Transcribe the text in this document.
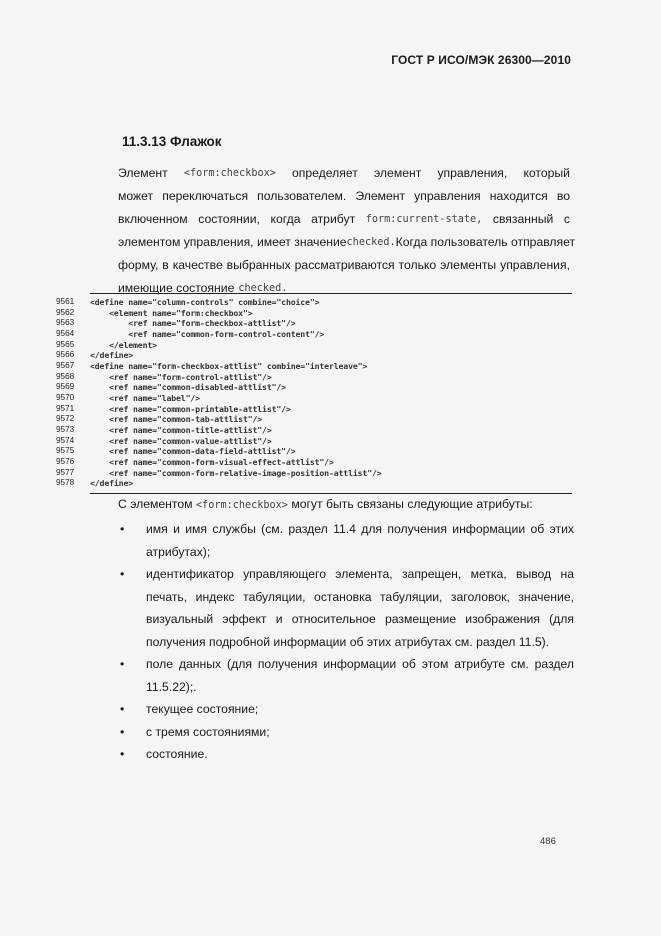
ГОСТ Р ИСО/МЭК 26300—2010
11.3.13 Флажок
Элемент <form:checkbox> определяет элемент управления, который
может переключаться пользователем. Элемент управления находится во
включенном состоянии, когда атрибут form:current-state, связанный с
элементом управления, имеет значение checked. Когда пользователь отправляет
форму, в качестве выбранных рассматриваются только элементы управления,
имеющие состояние checked.
9561	<define name="column-controls" combine="choice">
9562	<element name="form:checkbox">
9563	<ref name="form-checkbox-attlist"/>
9564	<ref name="common-form-control-content"/>
9565	</element>
9566	</define>
9567	<define name="form-checkbox-attlist" combine="interleave">
9568	<ref name="form-control-attlist"/>
9569	<ref name="common-disabled-attlist"/>
9570	<ref name="label"/>
9571	<ref name="common-printable-attlist"/>
9572	<ref name="common-tab-attlist"/>
9573	<ref name="common-title-attlist"/>
9574	<ref name="common-value-attlist"/>
9575	<ref name="common-data-field-attlist"/>
9576	<ref name="common-form-visual-effect-attlist"/>
9577	<ref name="common-form-relative-image-position-attlist"/>
9578	</define>
С элементом <form:checkbox> могут быть связаны следующие атрибуты:
• имя и имя службы (см. раздел 11.4 для получения информации об этих
атрибутах);
• идентификатор управляющего элемента, запрещен, метка, вывод на
печать, индекс табуляции, остановка табуляции, заголовок, значение,
визуальный эффект и относительное размещение изображения (для
получения подробной информации об этих атрибутах см. раздел 11.5).
• поле данных (для получения информации об этом атрибуте см. раздел
11.5.22);.
• текущее состояние;
• с тремя состояниями;
• состояние.
486
